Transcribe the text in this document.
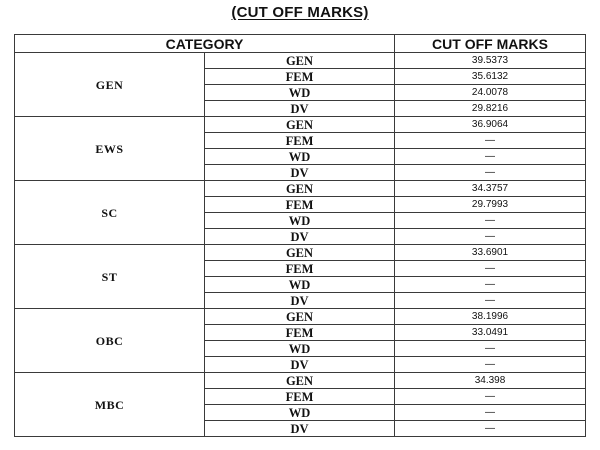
(CUT OFF MARKS)
CATEGORY		CUT OFF MARKS
GEN	GEN	39.5373
	FEM	35.6132
	WD	24.0078
	DV	29.8216
EWS	GEN	36.9064
	FEM	—
	WD	—
	DV	—
SC	GEN	34.3757
	FEM	29.7993
	WD	—
	DV	—
ST	GEN	33.6901
	FEM	—
	WD	—
	DV	—
OBC	GEN	38.1996
	FEM	33.0491
	WD	—
	DV	—
MBC	GEN	34.398
	FEM	—
	WD	—
	DV	—
